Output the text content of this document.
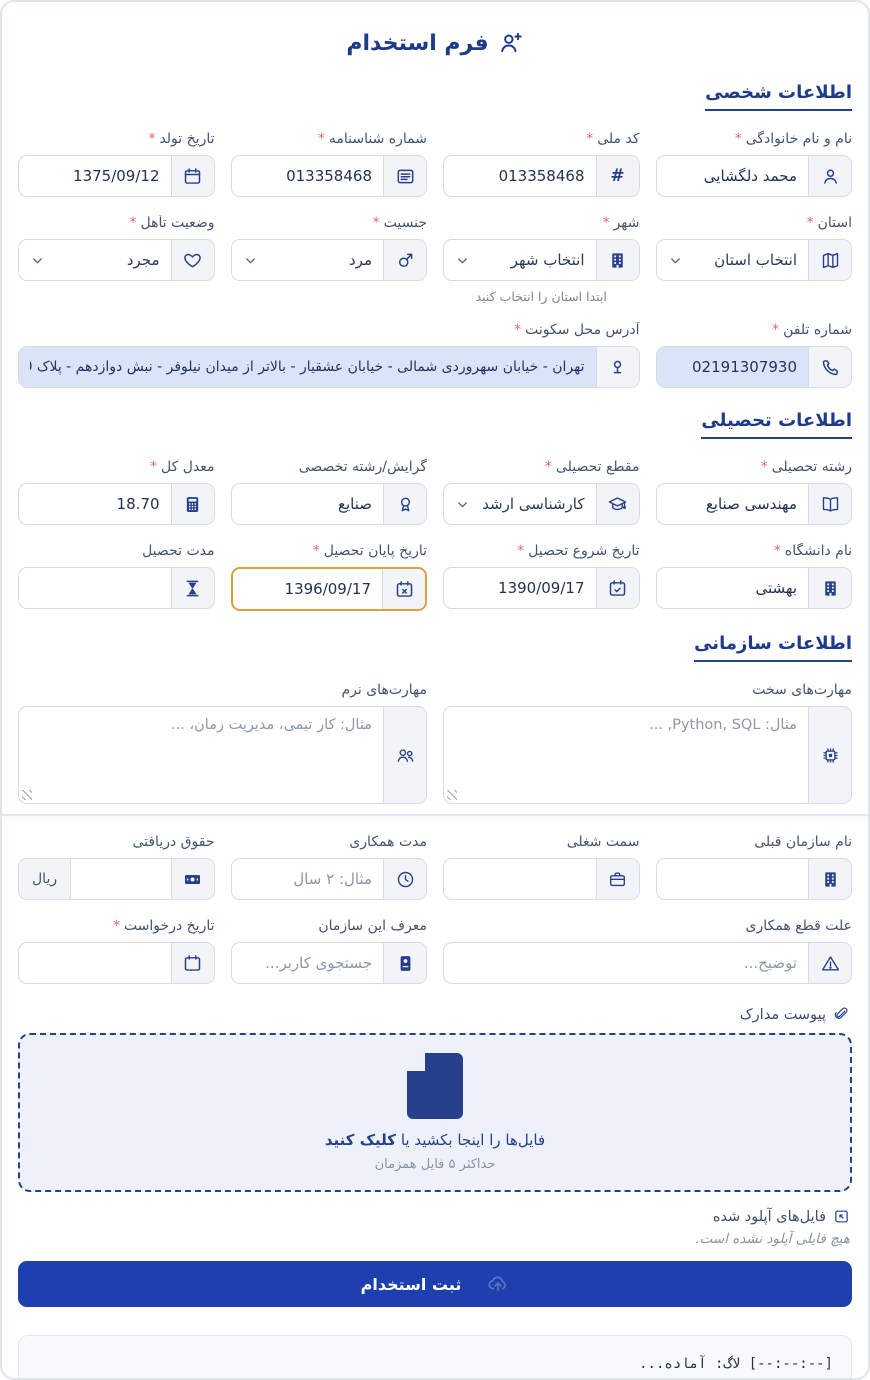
فرم استخدام
اطلاعات شخصی
نام و نام خانوادگی*
محمد دلگشایی
کد ملی*
#
013358468
شماره شناسنامه*
013358468
تاریخ تولد*
1375/09/12
استان*
انتخاب استان
شهر*
انتخاب شهر
ابتدا استان را انتخاب کنید
جنسیت*
مرد
وضعیت تأهل*
مجرد
شماره تلفن*
02191307930
آدرس محل سکونت*
تهران - خیابان سهروردی شمالی - خیابان عشقیار - بالاتر از میدان نیلوفر - نبش دوازدهم - پلاک 100
اطلاعات تحصیلی
رشته تحصیلی*
مهندسی صنایع
مقطع تحصیلی*
کارشناسی ارشد
گرایش/رشته تخصصی
صنایع
معدل کل*
18.70
نام دانشگاه*
بهشتی
تاریخ شروع تحصیل*
1390/09/17
تاریخ پایان تحصیل*
1396/09/17
مدت تحصیل
اطلاعات سازمانی
مهارت‌های سخت
مثال: Python, SQL, ...
مهارت‌های نرم
مثال: کار تیمی، مدیریت زمان، ...
نام سازمان قبلی
سمت شغلی
مدت همکاری
مثال: ۲ سال
حقوق دریافتی
ریال
علت قطع همکاری
توضیح...
معرف این سازمان
جستجوی کاربر...
تاریخ درخواست*
پیوست مدارک
فایل‌ها را اینجا بکشید یا کلیک کنید
حداکثر ۵ فایل همزمان
فایل‌های آپلود شده
هیچ فایلی آپلود نشده است.
ثبت استخدام
[--:--:--] لاگ: آماده...
